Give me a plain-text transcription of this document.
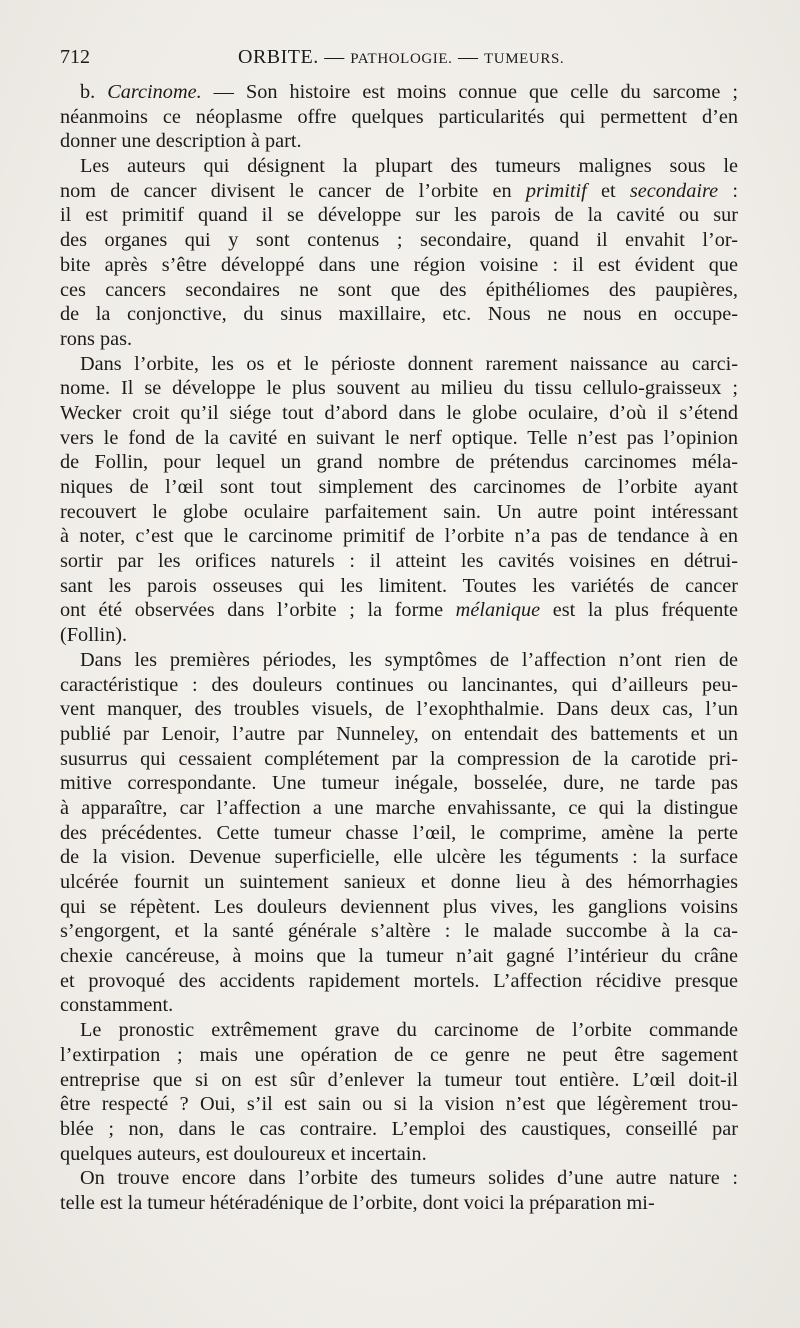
712	ORBITE. — PATHOLOGIE. — TUMEURS.
b. Carcinome. — Son histoire est moins connue que celle du sarcome ;
néanmoins ce néoplasme offre quelques particularités qui permettent d’en
donner une description à part.
Les auteurs qui désignent la plupart des tumeurs malignes sous le
nom de cancer divisent le cancer de l’orbite en primitif et secondaire :
il est primitif quand il se développe sur les parois de la cavité ou sur
des organes qui y sont contenus ; secondaire, quand il envahit l’or-
bite après s’être développé dans une région voisine : il est évident que
ces cancers secondaires ne sont que des épithéliomes des paupières,
de la conjonctive, du sinus maxillaire, etc. Nous ne nous en occupe-
rons pas.
Dans l’orbite, les os et le périoste donnent rarement naissance au carci-
nome. Il se développe le plus souvent au milieu du tissu cellulo-graisseux ;
Wecker croit qu’il siége tout d’abord dans le globe oculaire, d’où il s’étend
vers le fond de la cavité en suivant le nerf optique. Telle n’est pas l’opinion
de Follin, pour lequel un grand nombre de prétendus carcinomes méla-
niques de l’œil sont tout simplement des carcinomes de l’orbite ayant
recouvert le globe oculaire parfaitement sain. Un autre point intéressant
à noter, c’est que le carcinome primitif de l’orbite n’a pas de tendance à en
sortir par les orifices naturels : il atteint les cavités voisines en détrui-
sant les parois osseuses qui les limitent. Toutes les variétés de cancer
ont été observées dans l’orbite ; la forme mélanique est la plus fréquente
(Follin).
Dans les premières périodes, les symptômes de l’affection n’ont rien de
caractéristique : des douleurs continues ou lancinantes, qui d’ailleurs peu-
vent manquer, des troubles visuels, de l’exophthalmie. Dans deux cas, l’un
publié par Lenoir, l’autre par Nunneley, on entendait des battements et un
susurrus qui cessaient complétement par la compression de la carotide pri-
mitive correspondante. Une tumeur inégale, bosselée, dure, ne tarde pas
à apparaître, car l’affection a une marche envahissante, ce qui la distingue
des précédentes. Cette tumeur chasse l’œil, le comprime, amène la perte
de la vision. Devenue superficielle, elle ulcère les téguments : la surface
ulcérée fournit un suintement sanieux et donne lieu à des hémorrhagies
qui se répètent. Les douleurs deviennent plus vives, les ganglions voisins
s’engorgent, et la santé générale s’altère : le malade succombe à la ca-
chexie cancéreuse, à moins que la tumeur n’ait gagné l’intérieur du crâne
et provoqué des accidents rapidement mortels. L’affection récidive presque
constamment.
Le pronostic extrêmement grave du carcinome de l’orbite commande
l’extirpation ; mais une opération de ce genre ne peut être sagement
entreprise que si on est sûr d’enlever la tumeur tout entière. L’œil doit-il
être respecté ? Oui, s’il est sain ou si la vision n’est que légèrement trou-
blée ; non, dans le cas contraire. L’emploi des caustiques, conseillé par
quelques auteurs, est douloureux et incertain.
On trouve encore dans l’orbite des tumeurs solides d’une autre nature :
telle est la tumeur hétéradénique de l’orbite, dont voici la préparation mi-
